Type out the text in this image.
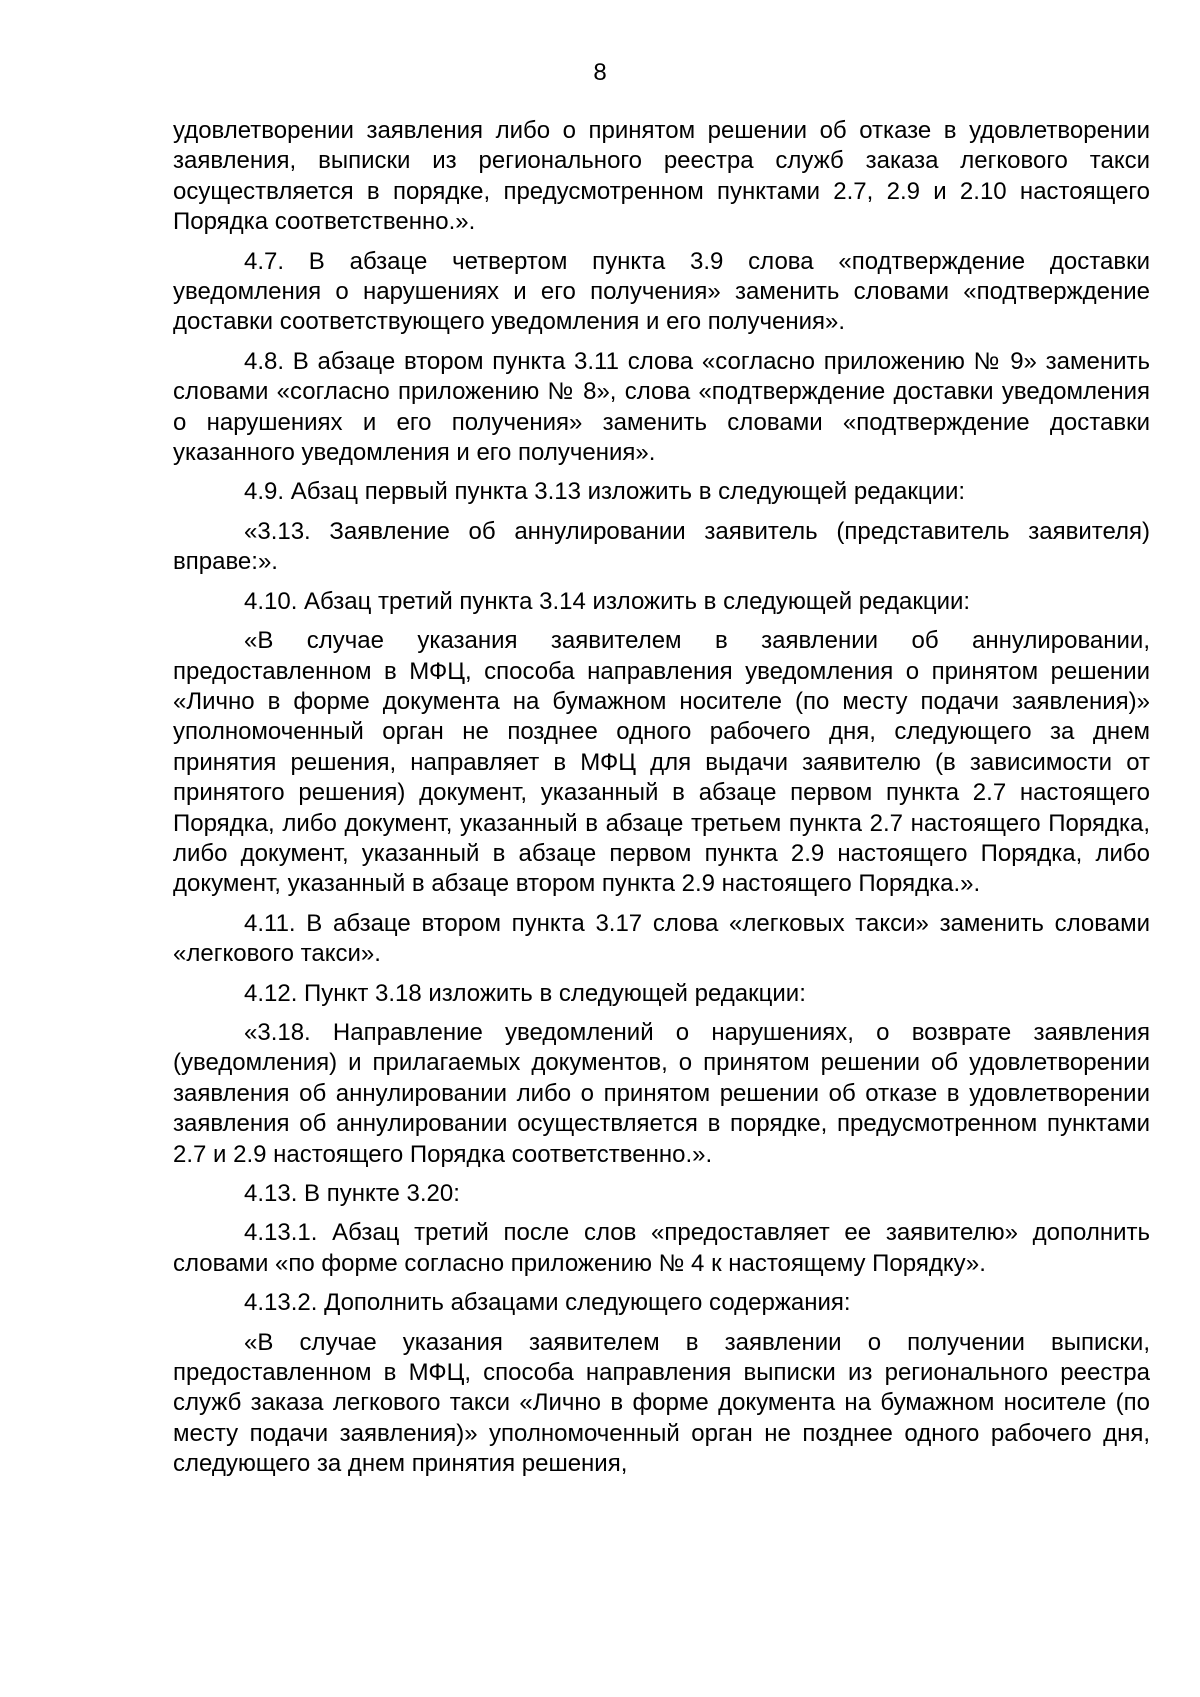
8

удовлетворении заявления либо о принятом решении об отказе в удовлетворении заявления, выписки из регионального реестра служб заказа легкового такси осуществляется в порядке, предусмотренном пунктами 2.7, 2.9 и 2.10 настоящего Порядка соответственно.».

4.7. В абзаце четвертом пункта 3.9 слова «подтверждение доставки уведомления о нарушениях и его получения» заменить словами «подтверждение доставки соответствующего уведомления и его получения».

4.8. В абзаце втором пункта 3.11 слова «согласно приложению № 9» заменить словами «согласно приложению № 8», слова «подтверждение доставки уведомления о нарушениях и его получения» заменить словами «подтверждение доставки указанного уведомления и его получения».

4.9. Абзац первый пункта 3.13 изложить в следующей редакции:

«3.13. Заявление об аннулировании заявитель (представитель заявителя) вправе:».

4.10. Абзац третий пункта 3.14 изложить в следующей редакции:

«В случае указания заявителем в заявлении об аннулировании, предоставленном в МФЦ, способа направления уведомления о принятом решении «Лично в форме документа на бумажном носителе (по месту подачи заявления)» уполномоченный орган не позднее одного рабочего дня, следующего за днем принятия решения, направляет в МФЦ для выдачи заявителю (в зависимости от принятого решения) документ, указанный в абзаце первом пункта 2.7 настоящего Порядка, либо документ, указанный в абзаце третьем пункта 2.7 настоящего Порядка, либо документ, указанный в абзаце первом пункта 2.9 настоящего Порядка, либо документ, указанный в абзаце втором пункта 2.9 настоящего Порядка.».

4.11. В абзаце втором пункта 3.17 слова «легковых такси» заменить словами «легкового такси».

4.12. Пункт 3.18 изложить в следующей редакции:

«3.18. Направление уведомлений о нарушениях, о возврате заявления (уведомления) и прилагаемых документов, о принятом решении об удовлетворении заявления об аннулировании либо о принятом решении об отказе в удовлетворении заявления об аннулировании осуществляется в порядке, предусмотренном пунктами 2.7 и 2.9 настоящего Порядка соответственно.».

4.13. В пункте 3.20:

4.13.1. Абзац третий после слов «предоставляет ее заявителю» дополнить словами «по форме согласно приложению № 4 к настоящему Порядку».

4.13.2. Дополнить абзацами следующего содержания:

«В случае указания заявителем в заявлении о получении выписки, предоставленном в МФЦ, способа направления выписки из регионального реестра служб заказа легкового такси «Лично в форме документа на бумажном носителе (по месту подачи заявления)» уполномоченный орган не позднее одного рабочего дня, следующего за днем принятия решения,
